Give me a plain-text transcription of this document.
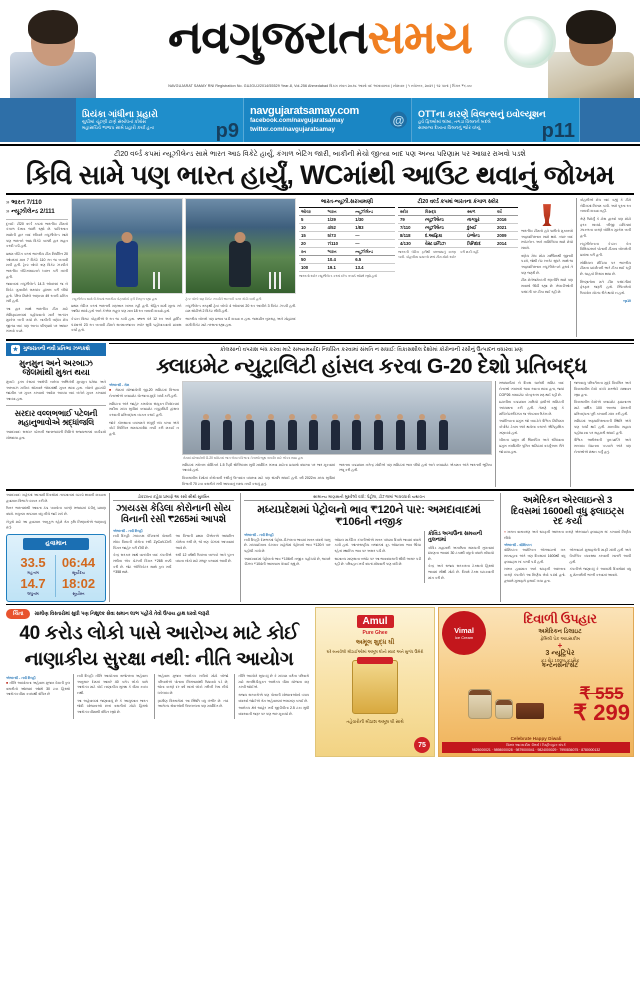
નવગુજરાતસમય
NAVGUJARAT SAMAY RNI Registration No. GUJGUJ/2014/55529 Year-8, Vol-256 Ahmedabad વિક્રમ સંવત ૨૦૭૮ આસો વદ અમાવાસ્યા | સોમવાર | ૧ નવેમ્બર, ૨૦૨૧ | ૧૨ પાનાં | કિંમત ₹૬.૦૦
પ્રિયંકા ગાંધીના પ્રહારો
યુપીમાં ચૂંટણી ટાણે સંબોધતાં કોંગ્રેસ
મહાસચિવે ભાજપ સામે પ્રહારો કર્યા હતા	p9
navgujaratsamay.com
facebook.com/navgujaratsamay
twitter.com/navgujaratsamay
@ OTTના કારણે વિલન્સનું ઇવોલ્યૂશન
હવે ફિલ્મોમાં લાંબા, તગડા વિલનને બદલે
સામાન્ય દેખાતા વિલનનું જોર વધ્યું	p11
ટી20 વર્લ્ડ કપમાં ન્યૂઝીલેન્ડ સામે ભારત આઠ વિકેટે હાર્યું, કંગાળ બેટિંગ જારી, બાકીની મેચો જીત્યા બાદ પણ અન્ય પરિણામ પર આધાર રાખવો પડશે
કિવિ સામે પણ ભારત હાર્યું, WCમાંથી આઉટ થવાનું જોખમ
» ભારત 7/110
» ન્યૂઝીલેન્ડ 2/111

દુબઈ: ટી20 વર્લ્ડ કપમાં ભારતીય ટીમનો કંગાળ દેખાવ જારી રહ્યો છે. પાકિસ્તાન સામેની હાર બાદ રવિવારે ન્યૂઝીલેન્ડ સામે પણ ભારતને આઠ વિકેટે કારમી હાર સહન કરવી પડી હતી.

પ્રથમ બેટિંગ કરતાં ભારતીય ટીમ નિર્ધારિત 20 ઓવરમાં માત્ર 7 વિકેટે 110 રન જ બનાવી શકી હતી. ટ્રેન્ટ બોલ્ટે ત્રણ વિકેટ ઝડપીને ભારતીય બેટિંગલાઇનને ધ્વસ્ત કરી નાખી હતી.

જવાબમાં ન્યૂઝીલેન્ડે 14.3 ઓવરમાં જ બે વિકેટ ગુમાવીને લક્ષ્યાંક હાંસલ કરી લીધો હતો. ડેરિલ મિશેલે અણનમ 49 રનની ઇનિંગ રમી હતી.

આ હાર સાથે ભારતીય ટીમ માટે સેમિફાઇનલમાં પહોંચવાનો માર્ગ અત્યંત મુશ્કેલ બની ગયો છે. બાકીની ત્રણેય મેચ જીત્યા બાદ પણ અન્ય પરિણામો પર આધાર રાખવો પડશે.

ન્યૂઝીલેન્ડ સામેની મેચમાં ભારતીય બેટ્સમેનો ફરી નિષ્ફળ રહ્યા હતા	ટ્રેન્ટ બોલ્ટે ત્રણ વિકેટ ઝડપીને ભારતની કમર તોડી નાખી હતી

પ્રથમ બેટિંગ કરતાં ભારતની શરૂઆત ખરાબ રહી હતી. રોહિત શર્મા શૂન્ય રને આઉટ થયો હતો અને કેએલ રાહુલ પણ માત્ર 18 રન બનાવી શક્યો હતો.

કેપ્ટન વિરાટ કોહલીએ 9 રન જ કર્યા હતા. ઋષભ પંતે 12 રન અને હાર્દિક પંડ્યાએ 23 રન બનાવી ટીમને સન્માનજનક સ્કોર સુધી પહોંચાડવાનો પ્રયાસ કર્યો હતો.

ન્યૂઝીલેન્ડ તરફથી ટ્રેન્ટ બોલ્ટે 4 ઓવરમાં 20 રન આપીને 3 વિકેટ ઝડપી હતી. ઇશ સોઢીએ 2 વિકેટ લીધી હતી.

ભારતીય બોલરો પણ પ્રભાવ પાડી શક્યા ન હતા. જસપ્રીત બુમરાહ અને મોહમ્મદ શમી વિકેટ માટે તરસતા રહ્યા હતા.

ભારત-ન્યૂઝી.સરખામણી
ઓવર	ભારત	ન્યૂઝીલેન્ડ
5	1/29	1/30
10	4/52	1/83
15	5/73	—
20	7/110	—
રન	ભારત	ન્યૂઝીલેન્ડ
50	10.4	6.5
100	19.1	13.4
ભારતનો સ્કોર ન્યૂઝીલેન્ડ કરતાં દરેક તબક્કે ઓછો રહ્યો હતો
ટી20 વર્લ્ડ કપમાં ભારતના કંગાળ સ્કોર
સ્કોર	વિરુદ્ધ	સ્થળ	વર્ષ
79	ન્યૂઝીલેન્ડ	નાગપુર	2016
7/110	ન્યૂઝીલેન્ડ	દુબઈ	2021
8/118	દ.આફ્રિકા	ઇંગ્લેન્ડ	2009
4/130	વેસ્ટ ઇન્ડિઝ	ત્રિનિદાદ	2014
ભારતની બેટિંગ ફરીથી પરાજયનું કારણ બની. કોહલીના પ્રયત્નો છતાં ટીમ મોટો સ્કોર કરી શકી નહીં.

ભારતીય ટીમનો હવે પછીનો મુકાબલો અફઘાનિસ્તાન સામે થશે. ત્યાર બાદ સ્કોટલેન્ડ અને નામિબિયા સામે મેચો રમાશે.

ત્રણેય મેચ મોટા માર્જિનથી જીતવી પડશે, જેથી નેટ રનરેટ સુધરે. સાથે જ અફઘાનિસ્તાન ન્યૂઝીલેન્ડને હરાવે તે પણ જરૂરી છે.

ટીમ મેનેજમેન્ટની રણનીતિ સામે પણ સવાલો ઊઠી રહ્યા છે. ખેલાડીઓની પસંદગી પર ટીકા થઈ રહી છે.

કોહલીએ મેચ બાદ કહ્યું કે ટીમે બેટિંગમાં નિરાશ કર્યા. અમે પૂરતા રન બનાવી શક્યા નહીં.

તેણે ઉમેર્યું કે ટોસ હારવો પણ મોટો ફરક લાવ્યો. બીજી ઇનિંગમાં ઝાકળના કારણે બોલિંગ મુશ્કેલ બની હતી.

ન્યૂઝીલેન્ડના કેપ્ટન કેન વિલિયમ્સને પોતાની ટીમના બોલરોની પ્રશંસા કરી હતી.

સોશિયલ મીડિયા પર ભારતીય ટીમના પ્રદર્શનની ભારે ટીકા થઈ રહી છે. ચાહકો નિરાશ થયા છે.

નિષ્ણાતોના મતે ટીમ પસંદગીમાં ફેરફાર જરૂરી હતો. સ્પિનરોનો ઉપયોગ યોગ્ય રીતે થયો ન હતો.

»p10
★ ગુજરાતની નવી પ્રતિભા ઝળકશે
મુનમુન અને અરબાઝ જેલમાંથી મુક્ત થયા
મુંબઈ: ડ્રગ્સ કેસમાં આરોપી બનેલા અભિનેત્રી મુનમુન ધમેચા અને અરબાઝ મર્ચન્ટ સોમવારે જેલમાંથી મુક્ત થયા હતા. બોમ્બે હાઇકોર્ટે જામીન પર મુક્ત કરવાનો આદેશ આપ્યા બાદ બંનેને મુક્ત કરવામાં આવ્યા હતા.
સરદાર વલ્લભભાઈ પટેલની મહાનુભાવોએ શ્રદ્ધાંજલિ
અમદાવાદ: સરદાર પટેલની જન્મજયંતી નિમિત્તે રાજ્યભરમાં કાર્યક્રમો યોજાયા હતા.
કોલસાનો વપરાશ બંધ કરવા માટે સમયમર્યાદા નિર્ધારિત કરવામાં સંમતિ ન સધાઈ: વિકાસશીલ દેશોમાં કોરોનાની રસીનું ઉત્પાદન વધારવા પ્રણ
ક્લાઇમેટ ન્યુટ્રાલિટી હાંસલ કરવા G-20 દેશો પ્રતિબદ્ધ
એજન્સી - રોમ

■ રોમમાં યોજાયેલી જી-20 સમિટમાં વિશ્વના નેતાઓએ ક્લાઇમેટ ચેન્જના મુદ્દે ચર્ચા કરી હતી.

સમિટના અંતે જાહેર કરાયેલા સંયુક્ત નિવેદનમાં સદીના મધ્ય સુધીમાં ક્લાઇમેટ ન્યુટ્રાલિટી હાંસલ કરવાની પ્રતિબદ્ધતા વ્યક્ત કરાઈ હતી.

જોકે કોલસાના વપરાશને સંપૂર્ણ બંધ કરવા અંગે કોઈ નિશ્ચિત સમયમર્યાદા નક્કી કરી શકાઈ ન હતી.

રોમમાં યોજાયેલી G-20 સમિટમાં ભાગ લેનારા વિશ્વના નેતાઓ જૂથ તસવીર માટે એકત્ર થયા હતા

સમિટમાં ગ્લોબલ વોર્મિંગને 1.5 ડિગ્રી સેલ્સિયસ સુધી મર્યાદિત રાખવા માટેના પ્રયાસો વધારવા પર ભાર મૂકવામાં આવ્યો હતો.

વિકાસશીલ દેશોમાં કોરોનાની રસીનું ઉત્પાદન વધારવા માટે પણ સંમતિ સધાઈ હતી. વર્ષ 2022ના મધ્ય સુધીમાં વિશ્વની 70 ટકા વસતીને રસી આપવાનું લક્ષ્ય નક્કી કરાયું હતું.

ભારતના વડાપ્રધાન નરેન્દ્ર મોદીએ પણ સમિટમાં ભાગ લીધો હતો અને ક્લાઇમેટ એક્શન અંગે ભારતની ભૂમિકા રજૂ કરી હતી.

રાજધાનીમાં બે દિવસ ચાલેલી સમિટ બાદ નેતાઓ ગ્લાસગો જવા રવાના થયા હતા, જ્યાં COP26 ક્લાઇમેટ કોન્ફરન્સ શરૂ થઈ રહી છે.

ઇટાલીના વડાપ્રધાન મારિયો દ્રાઘીએ સમિટની અધ્યક્ષતા કરી હતી. તેમણે કહ્યું કે મલ્ટિલેટરલિઝમ જ એકમાત્ર ઉકેલ છે.

અમેરિકાના પ્રમુખ જો બાઇડેને વૈશ્વિક મિનિમમ કોર્પોરેટ ટેક્સ અંગે થયેલા કરારને ઐતિહાસિક ગણાવ્યો હતો.

ચીનના પ્રમુખ શી જિનપિંગ અને રશિયાના પ્રમુખ વ્લાદિમીર પુતિન સમિટમાં વર્ચ્યુઅલ રીતે જોડાયા હતા.

જળવાયુ પરિવર્તનના મુદ્દે વિકસિત અને વિકાસશીલ દેશો વચ્ચે મતભેદો યથાવત રહ્યા હતા.

વિકાસશીલ દેશોએ ક્લાઇમેટ ફાઇનાન્સ માટે વાર્ષિક 100 અબજ ડોલરની પ્રતિબદ્ધતા પૂરી કરવાની માંગ કરી હતી.

સમિટમાં અફઘાનિસ્તાનની સ્થિતિ અંગે પણ ચર્ચા થઈ હતી. માનવીય સહાય પહોંચાડવા પર સહમતી સધાઈ હતી.

વૈશ્વિક અર્થતંત્રની પુનઃપ્રાપ્તિ અને સપ્લાય ચેઇનના પડકારો અંગે પણ નેતાઓએ મંથન કર્યું હતું.

અમદાવાદ: શહેરમાં આગામી દિવસોમાં તાપમાનમાં ઘટાડો થવાની શક્યતા હવામાન વિભાગે વ્યક્ત કરી છે.

ઉત્તર ભારતમાંથી આવતા ઠંડા પવનોના કારણે રાજ્યમાં ઠંડીનું પ્રમાણ વધશે. લઘુત્તમ તાપમાન વધુ નીચે જઈ શકે છે.

ખેડૂતો માટે આ હવામાન અનુકૂળ રહેશે તેમ કૃષિ નિષ્ણાતોએ જણાવ્યું હતું.

હવામાન
33.5
મહત્તમ
06:44
સૂર્યોદય
14.7
લઘુત્તમ
18:02
સૂર્યાસ્ત
ડોકટરના કહેવા પ્રમાણે આ રસી સૌથી સુરક્ષિત
ઝાયડસ કેડિલા કોરોનાની સોય વિનાની રસી ₹265માં આપશે
એજન્સી - નવી દિલ્હી

નવી દિલ્હી: ઝાયડસ કેડિલાએ પોતાની સોય વિનાની કોરોના રસી ZyCoV-Dની કિંમત જાહેર કરી દીધી છે.

કેન્દ્ર સરકાર સાથે વાતચીત બાદ કંપનીએ રસીના એક ડોઝની કિંમત ₹265 નક્કી કરી છે. જેટ એપ્લિકેટર સાથે કુલ ખર્ચ ₹358 થશે.

આ વિશ્વની પ્રથમ ડીએનએ આધારિત કોરોના રસી છે, જે ત્રણ ડોઝમાં આપવામાં આવે છે.

રસી 12 વર્ષથી ઉપરના બાળકો અને પુખ્ત વયના લોકો માટે મંજૂર કરવામાં આવી છે.

સામાન્ય માણસની મુશ્કેલી વધી: પેટ્રોલ, ડીઝલમાં ભાવવધારો યથાવત
મધ્યપ્રદેશમાં પેટ્રોલનો ભાવ ₹120ને પાર: અમદાવાદમાં ₹106ની નજીક
એજન્સી - નવી દિલ્હી

નવી દિલ્હી: દેશભરમાં પેટ્રોલ-ડીઝલના ભાવમાં સતત વધારો ચાલુ છે. મધ્યપ્રદેશના કેટલાક શહેરોમાં પેટ્રોલનો ભાવ ₹120ને પાર પહોંચી ગયો છે.

અમદાવાદમાં પેટ્રોલનો ભાવ ₹106ની નજીક પહોંચ્યો છે, જ્યારે ડીઝલ ₹104ની આસપાસ વેચાઈ રહ્યું છે.

ઓઇલ માર્કેટિંગ કંપનીઓએ સતત પાંચમા દિવસે ભાવમાં વધારો કર્યો હતો. આંતરરાષ્ટ્રીય બજારમાં ક્રૂડ ઓઇલના ભાવ ઊંચા રહેતાં સ્થાનિક ભાવ પર અસર પડી છે.

સામાન્ય માણસના બજેટ પર આ ભાવવધારાની સીધી અસર પડી રહી છે. પરિવહન ખર્ચ વધતાં મોંઘવારી પણ વધી છે.

કોવિડ અગાઉના સમયની તુલનામાં

કોવિડ મહામારી અગાઉના સમયની તુલનામાં ઇંધણના ભાવમાં 30 ટકાથી વધુનો વધારો નોંધાયો છે.

કેન્દ્ર અને રાજ્ય સરકારના ટેક્સનો હિસ્સો ભાવમાં સૌથી મોટો છે. વિપક્ષે ટેક્સ ઘટાડવાની માંગ કરી છે.

અમેરિકન એરલાઇન્સે 3 દિવસમાં 1600થી વધુ ફ્લાઇટ્સ રદ કર્યા

» ખરાબ વાતાવરણ અને સ્ટાફની અછતના કારણે એરલાઇને ફ્લાઇટ્સ રદ કરવાનો નિર્ણય લીધો

એજન્સી - વોશિંગ્ટન

વોશિંગ્ટન: અમેરિકન એરલાઇન્સે ગત સપ્તાહના અંતે ત્રણ દિવસમાં 1600થી વધુ ફ્લાઇટ્સ રદ કરવી પડી હતી.

ખરાબ હવામાન અને સ્ટાફની અછતના કારણે કંપનીને આ નિર્ણય લેવો પડ્યો હતો. હજારો મુસાફરો ફસાઈ ગયા હતા.

એરલાઇને મુસાફરોની માફી માંગી હતી અને વૈકલ્પિક વ્યવસ્થા કરવાની ખાતરી આપી હતી.

કંપનીએ જણાવ્યું કે આગામી દિવસોમાં વધુ ક્રૂ મેમ્બર્સની ભરતી કરવામાં આવશે.

ચિંતા	ગ્રામીણ વિસ્તારોમાં સુધી પણ નિશુલ્ક સેવા સમાન લાભ પહોંચે તેવો ઉપાય હાથ ધરવો જરૂરી
40 કરોડ લોકો પાસે આરોગ્ય માટે કોઈ
નાણાકીય સુરક્ષા નથી: નીતિ આયોગ
એજન્સી - નવી દિલ્હી

■ નીતિ આયોગના અહેવાલ મુજબ દેશની કુલ વસતીનો ઓછામાં ઓછો 30 ટકા હિસ્સો આરોગ્ય વીમા કવચથી વંચિત છે

નવી દિલ્હી: નીતિ આયોગના તાજેતરના અહેવાલ અનુસાર દેશમાં આશરે 40 કરોડ લોકો પાસે આરોગ્ય માટે કોઈ નાણાકીય સુરક્ષા કે વીમા કવચ નથી.

આ અહેવાલમાં જણાવાયું છે કે આયુષ્માન ભારત જેવી યોજનાઓ છતાં વસતીનો મોટો હિસ્સો આરોગ્ય વીમાથી વંચિત રહ્યો છે.

અહેવાલ મુજબ આરોગ્ય ખર્ચનો મોટો બોજો પરિવારોએ પોતાના ખિસ્સામાંથી ઉઠાવવો પડે છે, જેના કારણે દર વર્ષે લાખો લોકો ગરીબી રેખા નીચે ધકેલાય છે.

ગ્રામીણ વિસ્તારોમાં આ સ્થિતિ વધુ ગંભીર છે. ત્યાં આરોગ્ય સેવાઓની ઉપલબ્ધતા પણ મર્યાદિત છે.

નીતિ આયોગે સૂચવ્યું છે કે મધ્યમ વર્ગના પરિવારો માટે સબસિડીયુક્ત આરોગ્ય વીમા યોજના શરૂ કરવી જોઈએ.

રાજ્ય સરકારોએ પણ પોતાની યોજનાઓનો વ્યાપ વધારવો જોઈએ તેમ અહેવાલમાં ભલામણ કરાઈ છે.

આરોગ્ય ક્ષેત્રે જાહેર ખર્ચ જીડીપીના 2.5 ટકા સુધી વધારવાની જરૂર પર પણ ભાર મૂકાયો છે.

Amul
Pure Ghee
અમૂલ શુદ્ધ ઘી
ઘરે બનાવેલી મીઠાઈઓમાં અમૂલ ઘીનો સ્વાદ અને સુગંધ ઉમેરો
તહેવારોની મીઠાશ અમૂલ ઘી સાથે
75
Vimal
Ice Cream
દિવાળી ઉપહાર
અમેરિકન ડિલાઇટ
ફેમિલી પેક આઇસક્રીમ
+
3 ન્યૂટ્રિપેર
ફૂડ ગ્રેડ 100% ફૂડસેફ
કન્ટેનર્સનો સેટ
₹ 555
₹ 299
Celebrate Happy Diwali
વિમલ આઇસક્રીમ ડીલર્સ / ડિસ્ટ્રીબ્યુટર સંપર્ક
9825000021 · 9898000028 · 9879000041 · 9824000029 · 7990836075 · 8780000132
